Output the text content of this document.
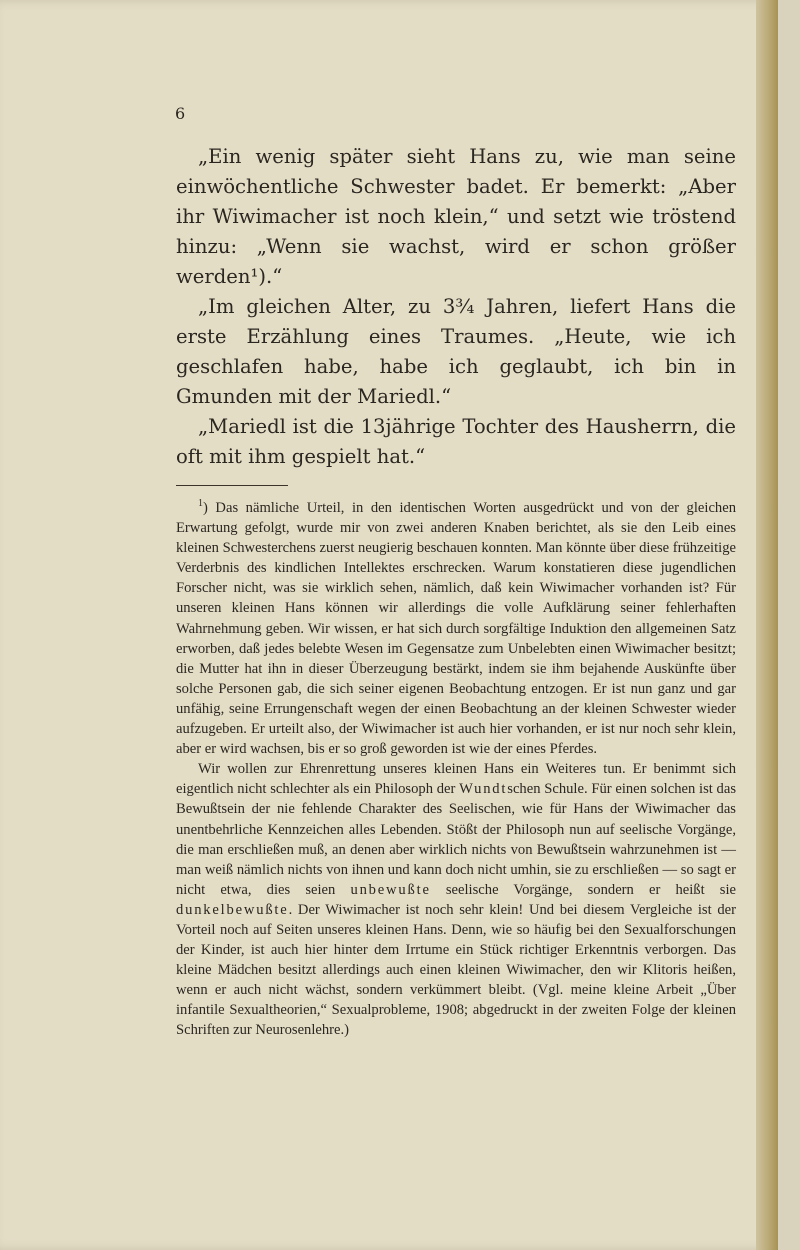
6

„Ein wenig später sieht Hans zu, wie man seine einwöchentliche Schwester badet. Er bemerkt: „Aber ihr Wiwimacher ist noch klein,“ und setzt wie tröstend hinzu: „Wenn sie wachst, wird er schon größer werden¹).“

„Im gleichen Alter, zu 3¾ Jahren, liefert Hans die erste Erzählung eines Traumes. „Heute, wie ich geschlafen habe, habe ich geglaubt, ich bin in Gmunden mit der Mariedl.“

„Mariedl ist die 13jährige Tochter des Hausherrn, die oft mit ihm gespielt hat.“

$^1$) Das nämliche Urteil, in den identischen Worten ausgedrückt und von der gleichen Erwartung gefolgt, wurde mir von zwei anderen Knaben berichtet, als sie den Leib eines kleinen Schwesterchens zuerst neugierig beschauen konnten. Man könnte über diese frühzeitige Verderbnis des kindlichen Intellektes erschrecken. Warum konstatieren diese jugendlichen Forscher nicht, was sie wirklich sehen, nämlich, daß kein Wiwimacher vorhanden ist? Für unseren kleinen Hans können wir allerdings die volle Aufklärung seiner fehlerhaften Wahrnehmung geben. Wir wissen, er hat sich durch sorgfältige Induktion den allgemeinen Satz erworben, daß jedes belebte Wesen im Gegensatze zum Unbelebten einen Wiwimacher besitzt; die Mutter hat ihn in dieser Überzeugung bestärkt, indem sie ihm bejahende Auskünfte über solche Personen gab, die sich seiner eigenen Beobachtung entzogen. Er ist nun ganz und gar unfähig, seine Errungenschaft wegen der einen Beobachtung an der kleinen Schwester wieder aufzugeben. Er urteilt also, der Wiwimacher ist auch hier vorhanden, er ist nur noch sehr klein, aber er wird wachsen, bis er so groß geworden ist wie der eines Pferdes.

Wir wollen zur Ehrenrettung unseres kleinen Hans ein Weiteres tun. Er benimmt sich eigentlich nicht schlechter als ein Philosoph der Wundtschen Schule. Für einen solchen ist das Bewußtsein der nie fehlende Charakter des Seelischen, wie für Hans der Wiwimacher das unentbehrliche Kennzeichen alles Lebenden. Stößt der Philosoph nun auf seelische Vorgänge, die man erschließen muß, an denen aber wirklich nichts von Bewußtsein wahrzunehmen ist — man weiß nämlich nichts von ihnen und kann doch nicht umhin, sie zu erschließen — so sagt er nicht etwa, dies seien unbewußte seelische Vorgänge, sondern er heißt sie dunkelbewußte. Der Wiwimacher ist noch sehr klein! Und bei diesem Vergleiche ist der Vorteil noch auf Seiten unseres kleinen Hans. Denn, wie so häufig bei den Sexualforschungen der Kinder, ist auch hier hinter dem Irrtume ein Stück richtiger Erkenntnis verborgen. Das kleine Mädchen besitzt allerdings auch einen kleinen Wiwimacher, den wir Klitoris heißen, wenn er auch nicht wächst, sondern verkümmert bleibt. (Vgl. meine kleine Arbeit „Über infantile Sexualtheorien,“ Sexualprobleme, 1908; abgedruckt in der zweiten Folge der kleinen Schriften zur Neurosenlehre.)
